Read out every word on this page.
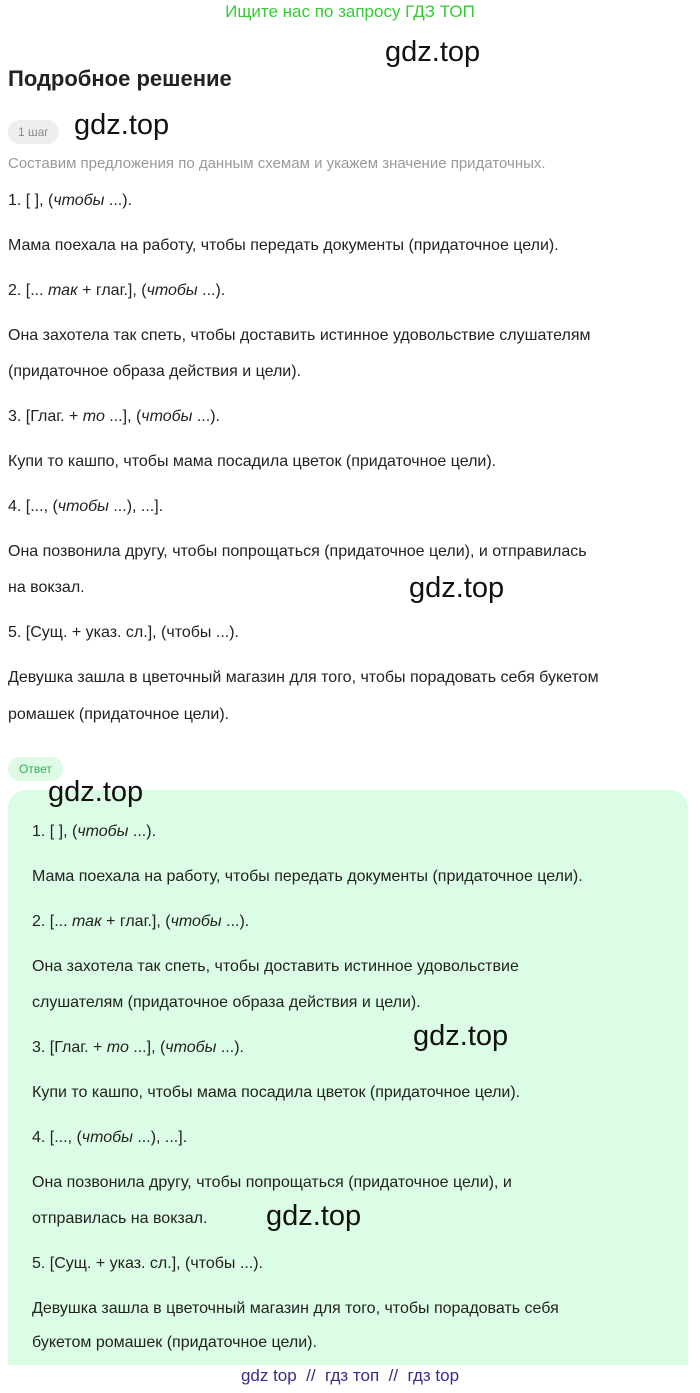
Ищите нас по запросу ГДЗ ТОП
gdz.top
gdz.top
gdz.top
Подробное решение
1 шаг
Составим предложения по данным схемам и укажем значение придаточных.
1. [ ], (чтобы ...).
Мама поехала на работу, чтобы передать документы (придаточное цели).
2. [... так + глаг.], (чтобы ...).
Она захотела так спеть, чтобы доставить истинное удовольствие слушателям
(придаточное образа действия и цели).
3. [Глаг. + то ...], (чтобы ...).
Купи то кашпо, чтобы мама посадила цветок (придаточное цели).
4. [..., (чтобы ...), ...].
Она позвонила другу, чтобы попрощаться (придаточное цели), и отправилась
на вокзал.
5. [Сущ. + указ. сл.], (чтобы ...).
Девушка зашла в цветочный магазин для того, чтобы порадовать себя букетом
ромашек (придаточное цели).
Ответ
gdz.top
1. [ ], (чтобы ...).
Мама поехала на работу, чтобы передать документы (придаточное цели).
2. [... так + глаг.], (чтобы ...).
Она захотела так спеть, чтобы доставить истинное удовольствие
слушателям (придаточное образа действия и цели).
gdz.top
3. [Глаг. + то ...], (чтобы ...).
Купи то кашпо, чтобы мама посадила цветок (придаточное цели).
4. [..., (чтобы ...), ...].
Она позвонила другу, чтобы попрощаться (придаточное цели), и
отправилась на вокзал. gdz.top
5. [Сущ. + указ. сл.], (чтобы ...).
Девушка зашла в цветочный магазин для того, чтобы порадовать себя
букетом ромашек (придаточное цели).
gdz top  //  гдз топ  //  гдз top
